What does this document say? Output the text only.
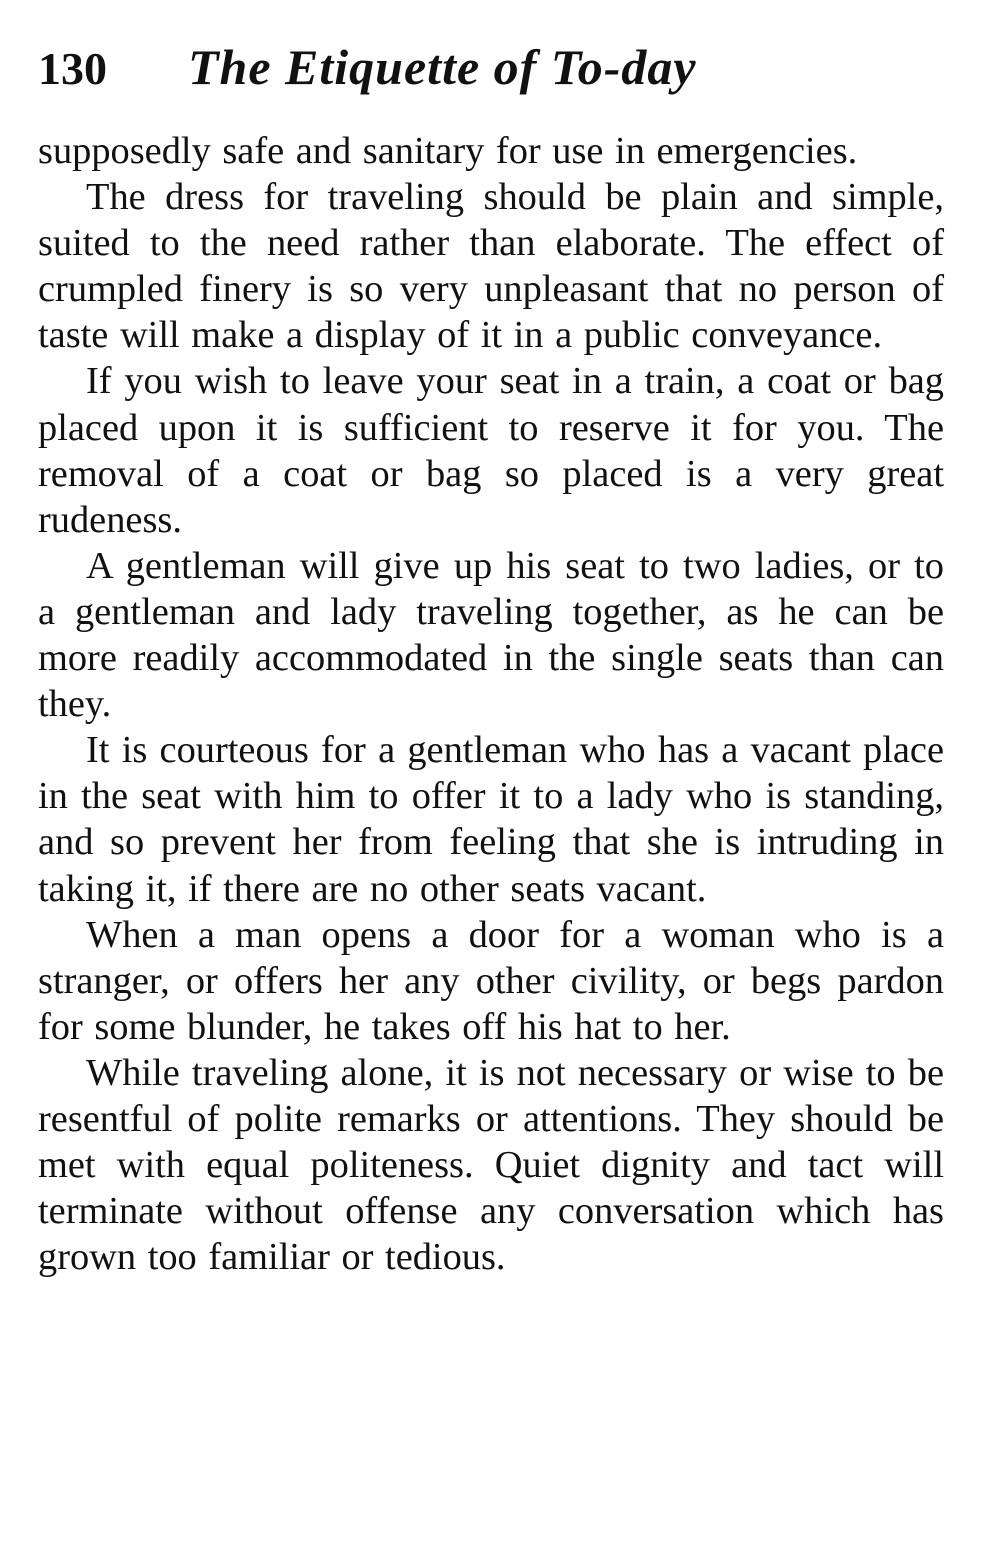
130	The Etiquette of To-day

supposedly safe and sanitary for use in emergencies.

The dress for traveling should be plain and simple, suited to the need rather than elaborate. The effect of crumpled finery is so very unpleasant that no person of taste will make a display of it in a public conveyance.

If you wish to leave your seat in a train, a coat or bag placed upon it is sufficient to reserve it for you. The removal of a coat or bag so placed is a very great rudeness.

A gentleman will give up his seat to two ladies, or to a gentleman and lady traveling together, as he can be more readily accommodated in the single seats than can they.

It is courteous for a gentleman who has a vacant place in the seat with him to offer it to a lady who is standing, and so prevent her from feeling that she is intruding in taking it, if there are no other seats vacant.

When a man opens a door for a woman who is a stranger, or offers her any other civility, or begs pardon for some blunder, he takes off his hat to her.

While traveling alone, it is not necessary or wise to be resentful of polite remarks or attentions. They should be met with equal politeness. Quiet dignity and tact will terminate without offense any conversation which has grown too familiar or tedious.
